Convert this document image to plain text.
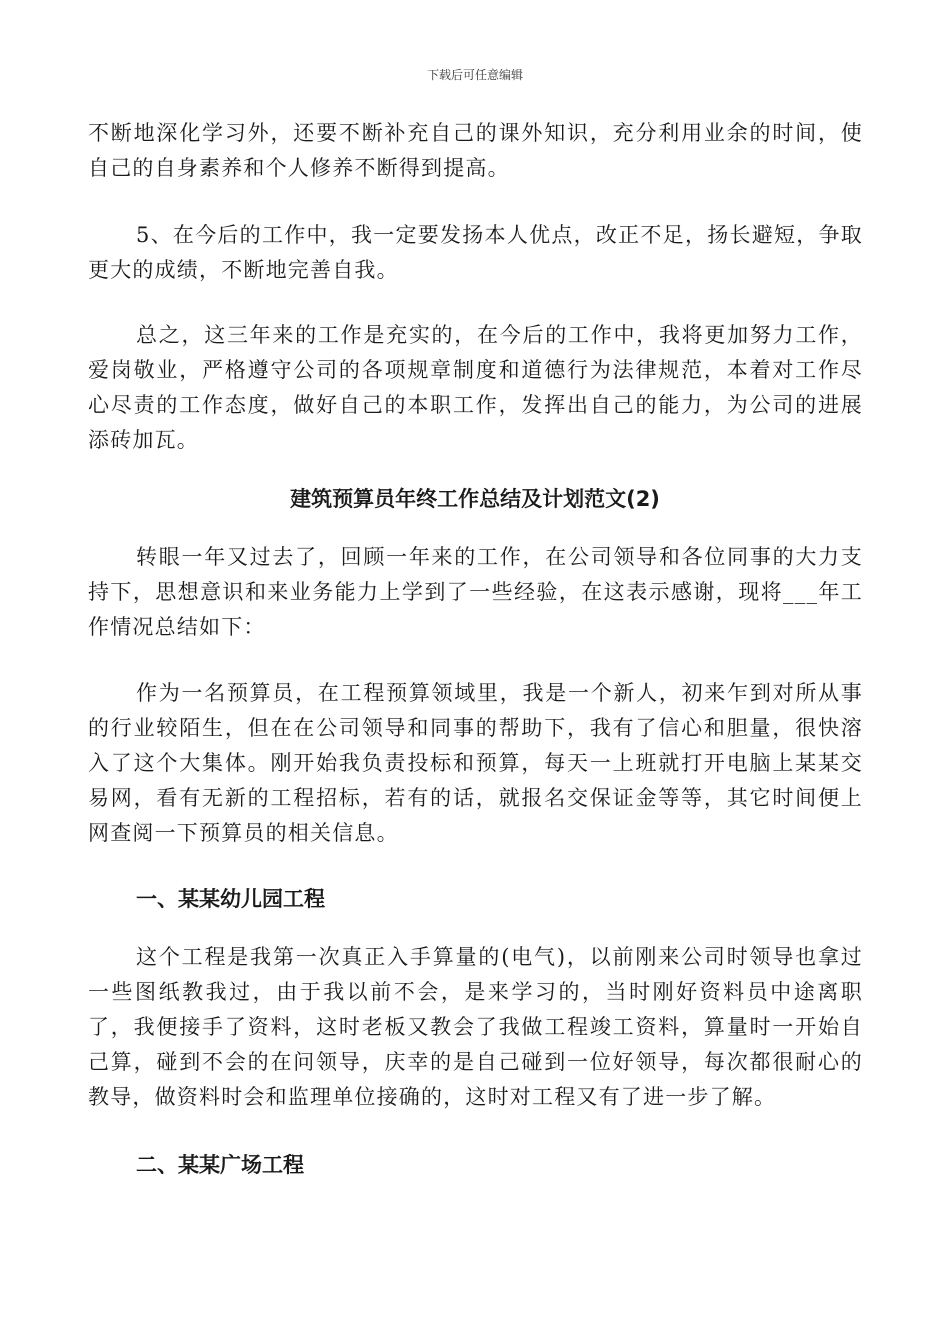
下载后可任意编辑
不断地深化学习外，还要不断补充自己的课外知识，充分利用业余的时间，使自己的自身素养和个人修养不断得到提高。
5、在今后的工作中，我一定要发扬本人优点，改正不足，扬长避短，争取更大的成绩，不断地完善自我。
总之，这三年来的工作是充实的，在今后的工作中，我将更加努力工作，爱岗敬业，严格遵守公司的各项规章制度和道德行为法律规范，本着对工作尽心尽责的工作态度，做好自己的本职工作，发挥出自己的能力，为公司的进展添砖加瓦。
建筑预算员年终工作总结及计划范文(2)
转眼一年又过去了，回顾一年来的工作，在公司领导和各位同事的大力支持下，思想意识和来业务能力上学到了一些经验，在这表示感谢，现将___年工作情况总结如下：
作为一名预算员，在工程预算领域里，我是一个新人，初来乍到对所从事的行业较陌生，但在在公司领导和同事的帮助下，我有了信心和胆量，很快溶入了这个大集体。刚开始我负责投标和预算，每天一上班就打开电脑上某某交易网，看有无新的工程招标，若有的话，就报名交保证金等等，其它时间便上网查阅一下预算员的相关信息。
一、某某幼儿园工程
这个工程是我第一次真正入手算量的(电气)，以前刚来公司时领导也拿过一些图纸教我过，由于我以前不会，是来学习的，当时刚好资料员中途离职了，我便接手了资料，这时老板又教会了我做工程竣工资料，算量时一开始自己算，碰到不会的在问领导，庆幸的是自己碰到一位好领导，每次都很耐心的教导，做资料时会和监理单位接确的，这时对工程又有了进一步了解。
二、某某广场工程
